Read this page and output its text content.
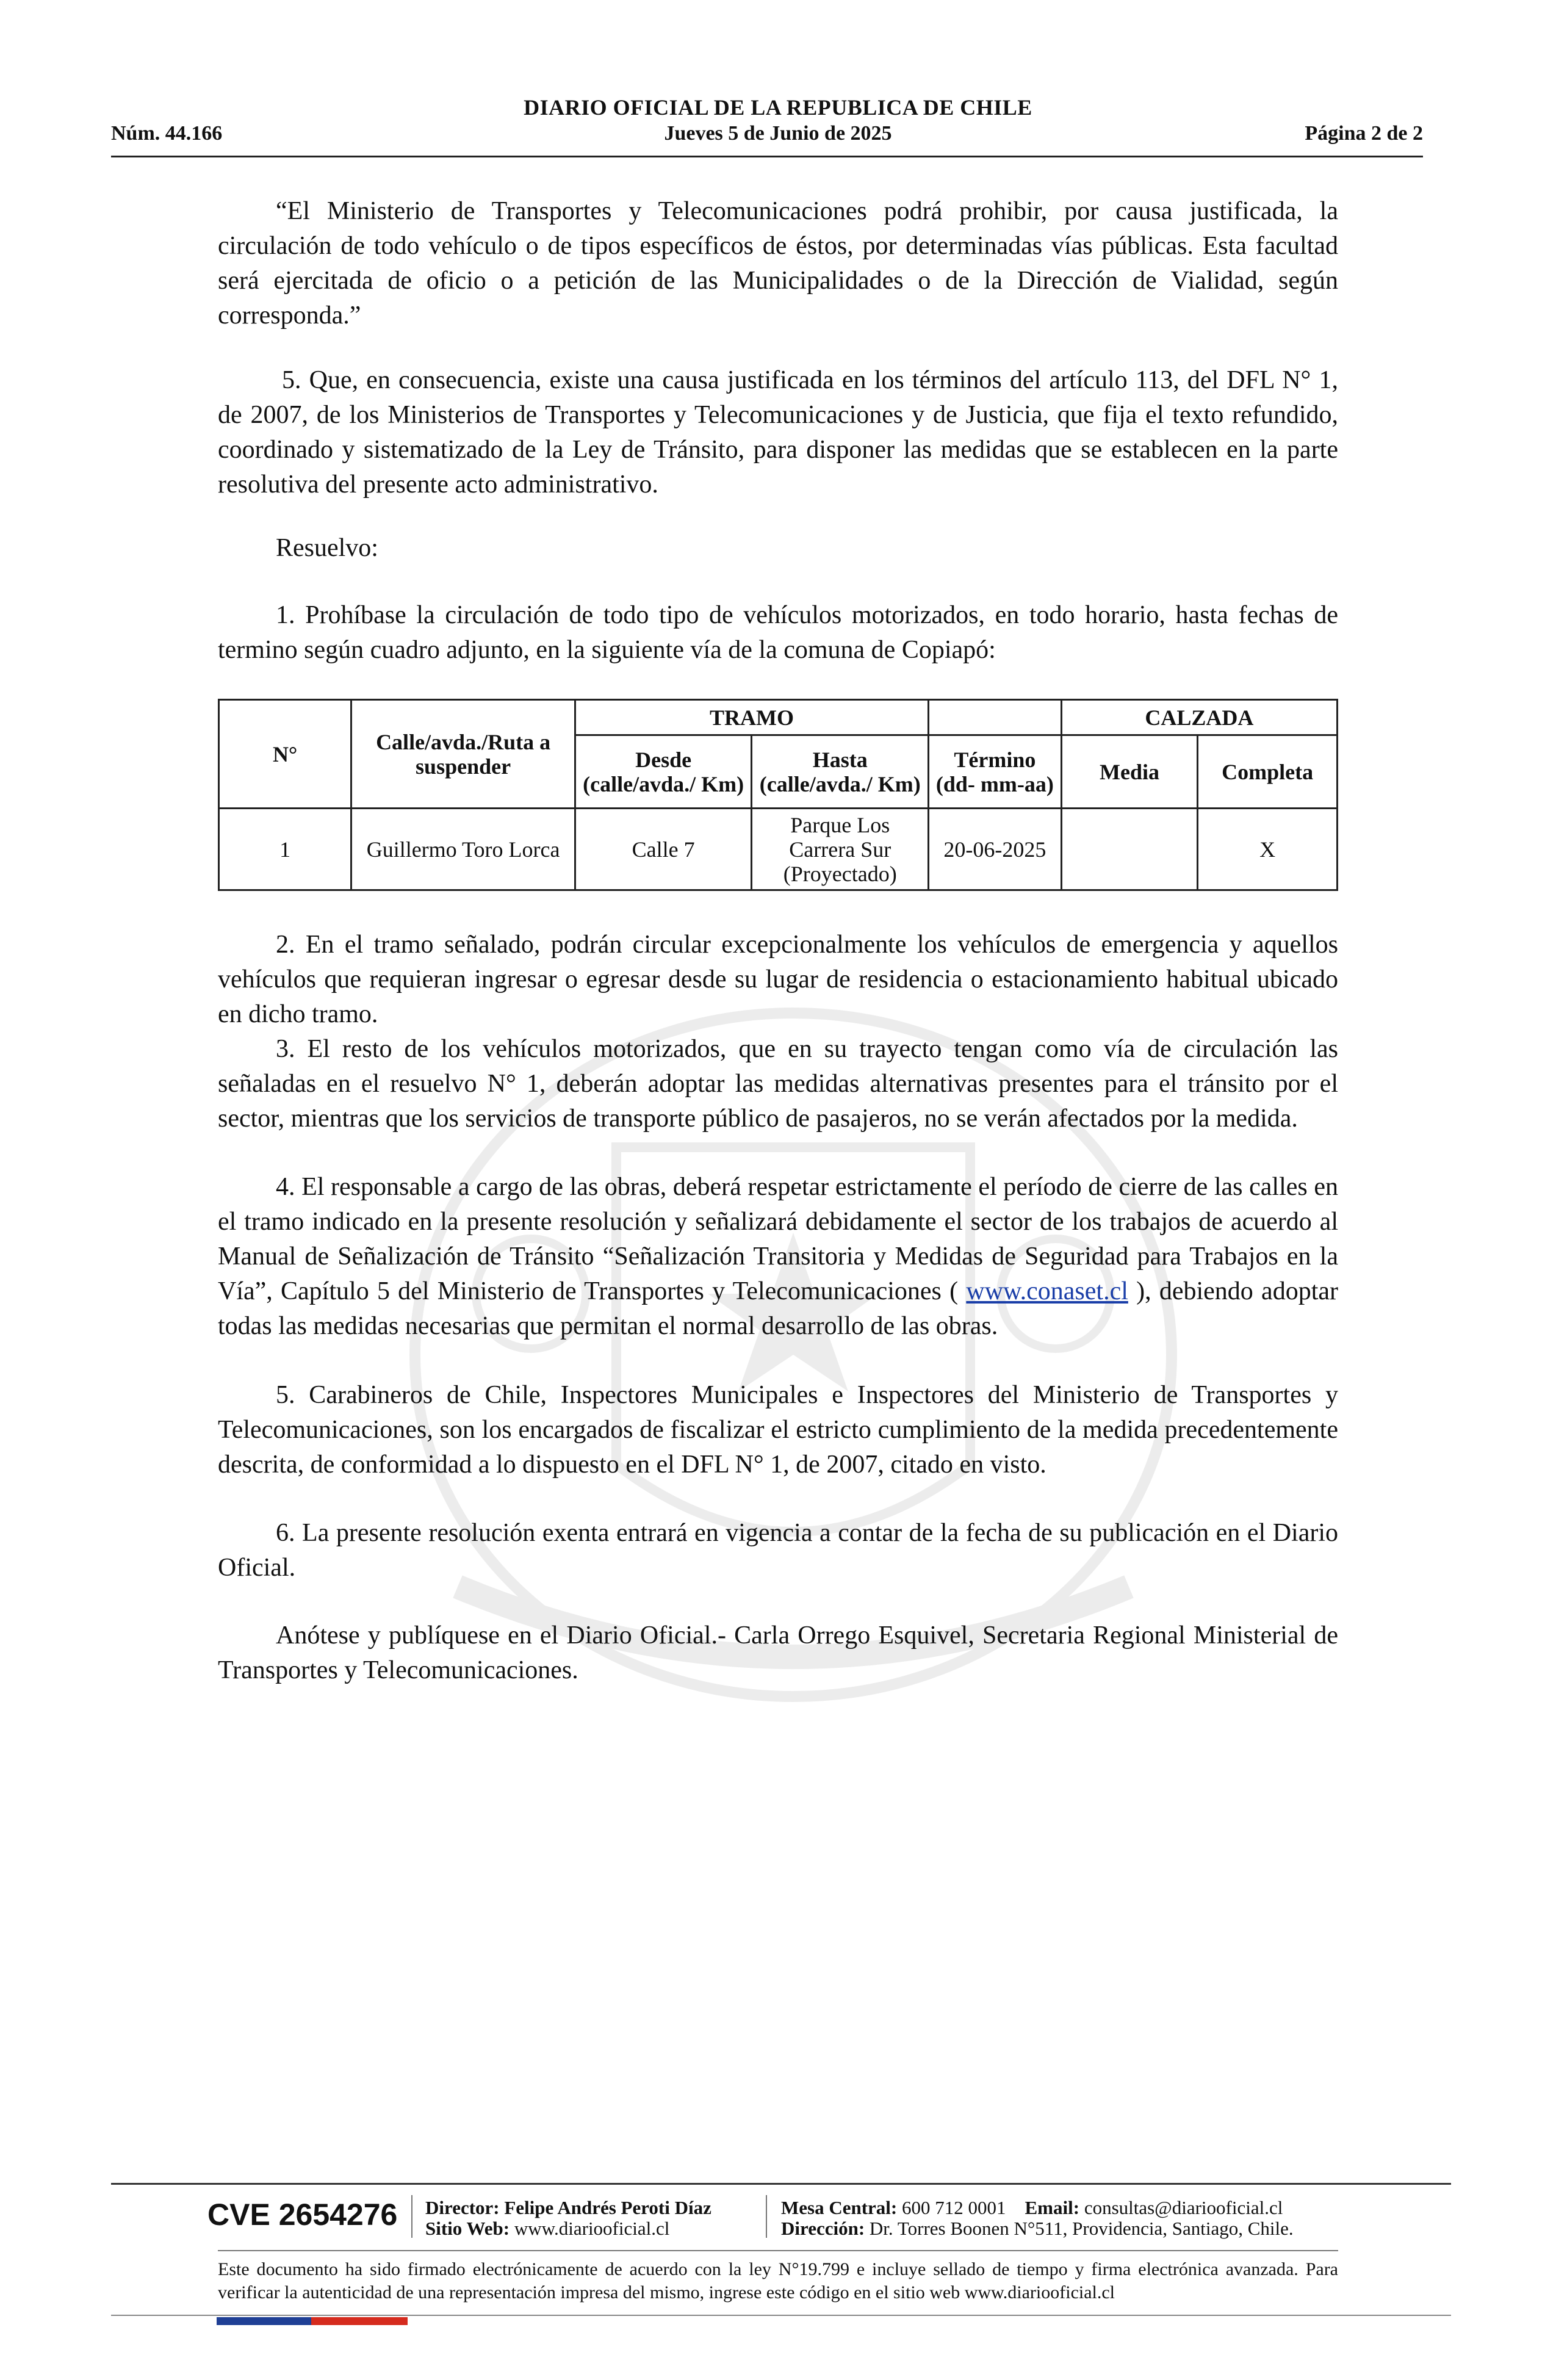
DIARIO OFICIAL DE LA REPUBLICA DE CHILE
Núm. 44.166	Jueves 5 de Junio de 2025	Página 2 de 2
“El Ministerio de Transportes y Telecomunicaciones podrá prohibir, por causa justificada, la circulación de todo vehículo o de tipos específicos de éstos, por determinadas vías públicas. Esta facultad será ejercitada de oficio o a petición de las Municipalidades o de la Dirección de Vialidad, según corresponda.”
5. Que, en consecuencia, existe una causa justificada en los términos del artículo 113, del DFL N° 1, de 2007, de los Ministerios de Transportes y Telecomunicaciones y de Justicia, que fija el texto refundido, coordinado y sistematizado de la Ley de Tránsito, para disponer las medidas que se establecen en la parte resolutiva del presente acto administrativo.
Resuelvo:
1. Prohíbase la circulación de todo tipo de vehículos motorizados, en todo horario, hasta fechas de termino según cuadro adjunto, en la siguiente vía de la comuna de Copiapó:
N°	Calle/avda./Ruta a suspender	TRAMO			CALZADA	
		Desde (calle/avda./ Km)	Hasta (calle/avda./ Km)	Término (dd- mm-aa)	Media	Completa
1	Guillermo Toro Lorca	Calle 7	Parque Los Carrera Sur (Proyectado)	20-06-2025		X
2. En el tramo señalado, podrán circular excepcionalmente los vehículos de emergencia y aquellos vehículos que requieran ingresar o egresar desde su lugar de residencia o estacionamiento habitual ubicado en dicho tramo.
3. El resto de los vehículos motorizados, que en su trayecto tengan como vía de circulación las señaladas en el resuelvo N° 1, deberán adoptar las medidas alternativas presentes para el tránsito por el sector, mientras que los servicios de transporte público de pasajeros, no se verán afectados por la medida.
4. El responsable a cargo de las obras, deberá respetar estrictamente el período de cierre de las calles en el tramo indicado en la presente resolución y señalizará debidamente el sector de los trabajos de acuerdo al Manual de Señalización de Tránsito “Señalización Transitoria y Medidas de Seguridad para Trabajos en la Vía”, Capítulo 5 del Ministerio de Transportes y Telecomunicaciones ( www.conaset.cl ), debiendo adoptar todas las medidas necesarias que permitan el normal desarrollo de las obras.
5. Carabineros de Chile, Inspectores Municipales e Inspectores del Ministerio de Transportes y Telecomunicaciones, son los encargados de fiscalizar el estricto cumplimiento de la medida precedentemente descrita, de conformidad a lo dispuesto en el DFL N° 1, de 2007, citado en visto.
6. La presente resolución exenta entrará en vigencia a contar de la fecha de su publicación en el Diario Oficial.
Anótese y publíquese en el Diario Oficial.- Carla Orrego Esquivel, Secretaria Regional Ministerial de Transportes y Telecomunicaciones.
CVE 2654276 Director: Felipe Andrés Peroti Díaz
Sitio Web: www.diariooficial.cl
Mesa Central: 600 712 0001 Email: consultas@diariooficial.cl
Dirección: Dr. Torres Boonen N°511, Providencia, Santiago, Chile.
Este documento ha sido firmado electrónicamente de acuerdo con la ley N°19.799 e incluye sellado de tiempo y firma electrónica avanzada. Para verificar la autenticidad de una representación impresa del mismo, ingrese este código en el sitio web www.diariooficial.cl
